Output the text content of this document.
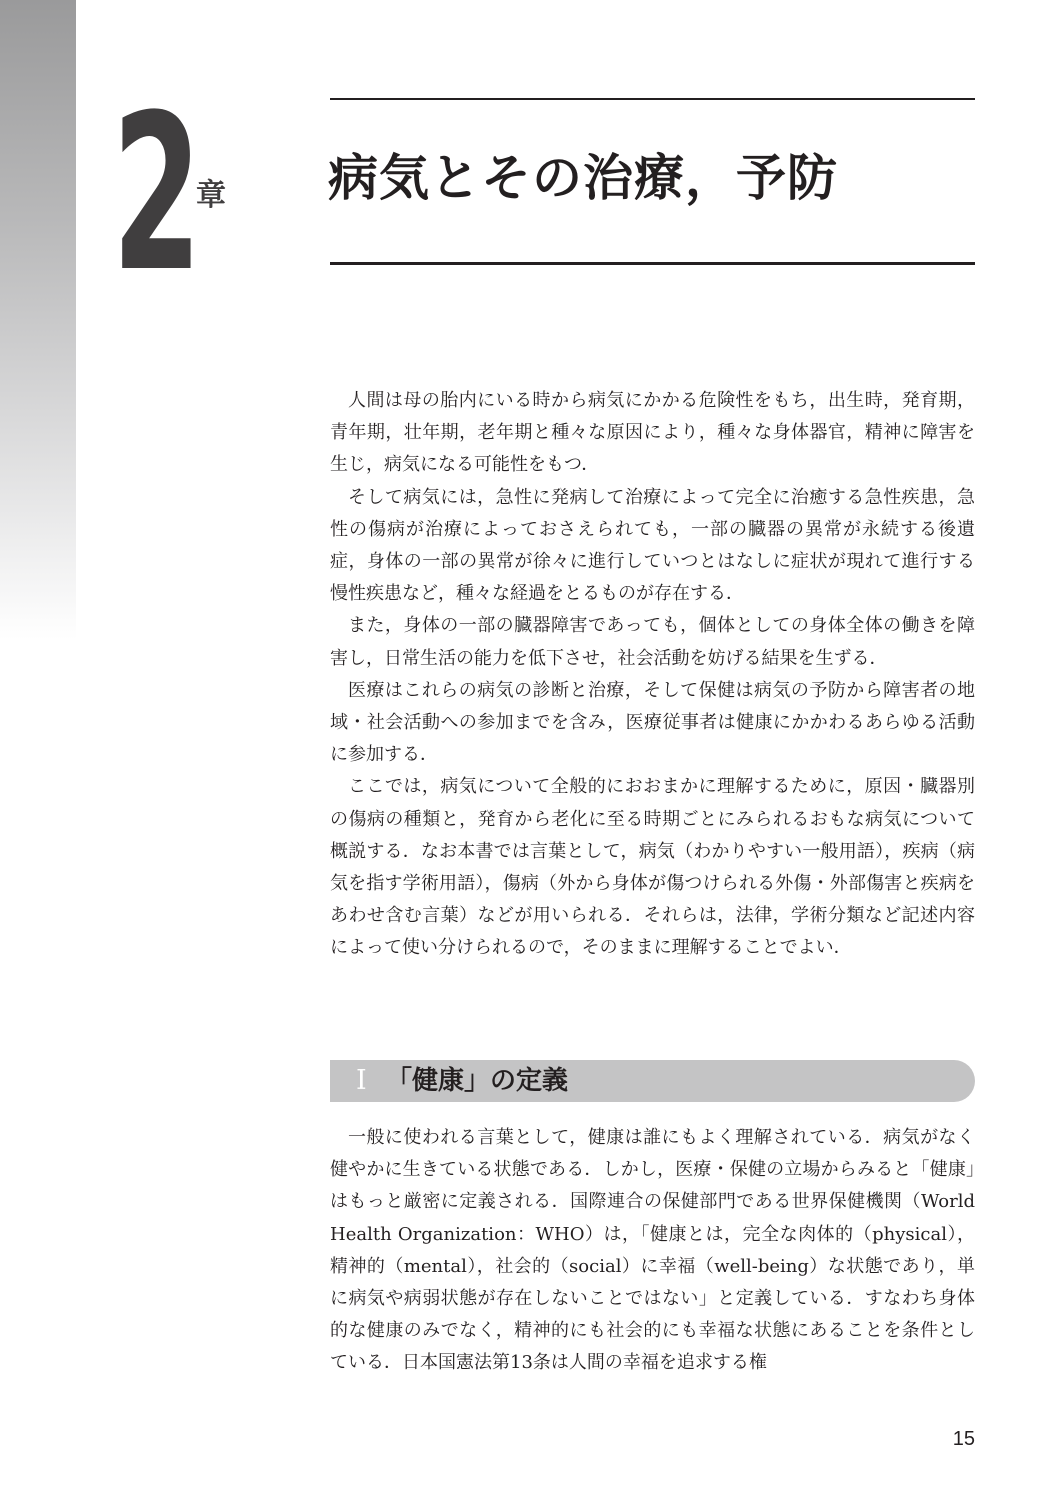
2
章 病気とその治療，予防

人間は母の胎内にいる時から病気にかかる危険性をもち，出生時，発育期，青年期，壮年期，老年期と種々な原因により，種々な身体器官，精神に障害を生じ，病気になる可能性をもつ．

そして病気には，急性に発病して治療によって完全に治癒する急性疾患，急性の傷病が治療によっておさえられても，一部の臓器の異常が永続する後遺症，身体の一部の異常が徐々に進行していつとはなしに症状が現れて進行する慢性疾患など，種々な経過をとるものが存在する．

また，身体の一部の臓器障害であっても，個体としての身体全体の働きを障害し，日常生活の能力を低下させ，社会活動を妨げる結果を生ずる．

医療はこれらの病気の診断と治療，そして保健は病気の予防から障害者の地域・社会活動への参加までを含み，医療従事者は健康にかかわるあらゆる活動に参加する．

ここでは，病気について全般的におおまかに理解するために，原因・臓器別の傷病の種類と，発育から老化に至る時期ごとにみられるおもな病気について概説する．なお本書では言葉として，病気（わかりやすい一般用語），疾病（病気を指す学術用語），傷病（外から身体が傷つけられる外傷・外部傷害と疾病をあわせ含む言葉）などが用いられる．それらは，法律，学術分類など記述内容によって使い分けられるので，そのままに理解することでよい．

I 「健康」の定義

一般に使われる言葉として，健康は誰にもよく理解されている．病気がなく健やかに生きている状態である．しかし，医療・保健の立場からみると「健康」はもっと厳密に定義される．国際連合の保健部門である世界保健機関（World Health Organization：WHO）は，「健康とは，完全な肉体的（physical），精神的（mental），社会的（social）に幸福（well-being）な状態であり，単に病気や病弱状態が存在しないことではない」と定義している．すなわち身体的な健康のみでなく，精神的にも社会的にも幸福な状態にあることを条件としている．日本国憲法第13条は人間の幸福を追求する権

15
